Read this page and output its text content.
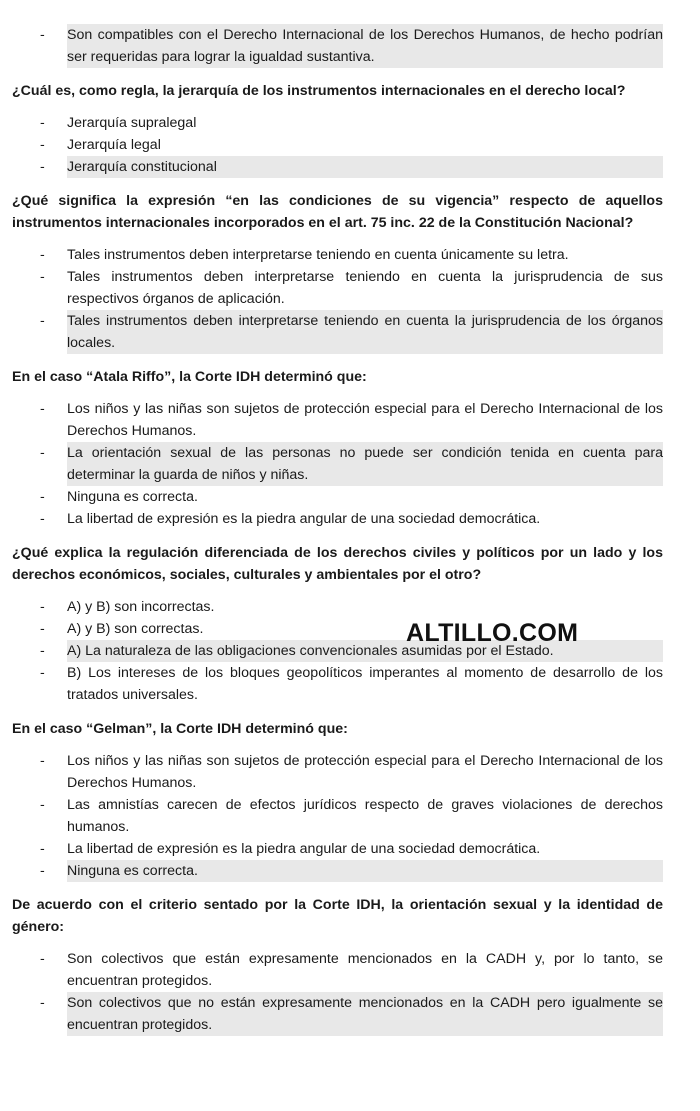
- Son compatibles con el Derecho Internacional de los Derechos Humanos, de hecho podrían ser requeridas para lograr la igualdad sustantiva.

¿Cuál es, como regla, la jerarquía de los instrumentos internacionales en el derecho local?

- Jerarquía supralegal
- Jerarquía legal
- Jerarquía constitucional

¿Qué significa la expresión “en las condiciones de su vigencia” respecto de aquellos instrumentos internacionales incorporados en el art. 75 inc. 22 de la Constitución Nacional?

- Tales instrumentos deben interpretarse teniendo en cuenta únicamente su letra.
- Tales instrumentos deben interpretarse teniendo en cuenta la jurisprudencia de sus respectivos órganos de aplicación.
- Tales instrumentos deben interpretarse teniendo en cuenta la jurisprudencia de los órganos locales.

En el caso “Atala Riffo”, la Corte IDH determinó que:

- Los niños y las niñas son sujetos de protección especial para el Derecho Internacional de los Derechos Humanos.
- La orientación sexual de las personas no puede ser condición tenida en cuenta para determinar la guarda de niños y niñas.
- Ninguna es correcta.
- La libertad de expresión es la piedra angular de una sociedad democrática.

¿Qué explica la regulación diferenciada de los derechos civiles y políticos por un lado y los derechos económicos, sociales, culturales y ambientales por el otro?

- A) y B) son incorrectas.
- A) y B) son correctas.
- A) La naturaleza de las obligaciones convencionales asumidas por el Estado.
- B) Los intereses de los bloques geopolíticos imperantes al momento de desarrollo de los tratados universales.

En el caso “Gelman”, la Corte IDH determinó que:

- Los niños y las niñas son sujetos de protección especial para el Derecho Internacional de los Derechos Humanos.
- Las amnistías carecen de efectos jurídicos respecto de graves violaciones de derechos humanos.
- La libertad de expresión es la piedra angular de una sociedad democrática.
- Ninguna es correcta.

De acuerdo con el criterio sentado por la Corte IDH, la orientación sexual y la identidad de género:

- Son colectivos que están expresamente mencionados en la CADH y, por lo tanto, se encuentran protegidos.
- Son colectivos que no están expresamente mencionados en la CADH pero igualmente se encuentran protegidos.
ALTILLO.COM
